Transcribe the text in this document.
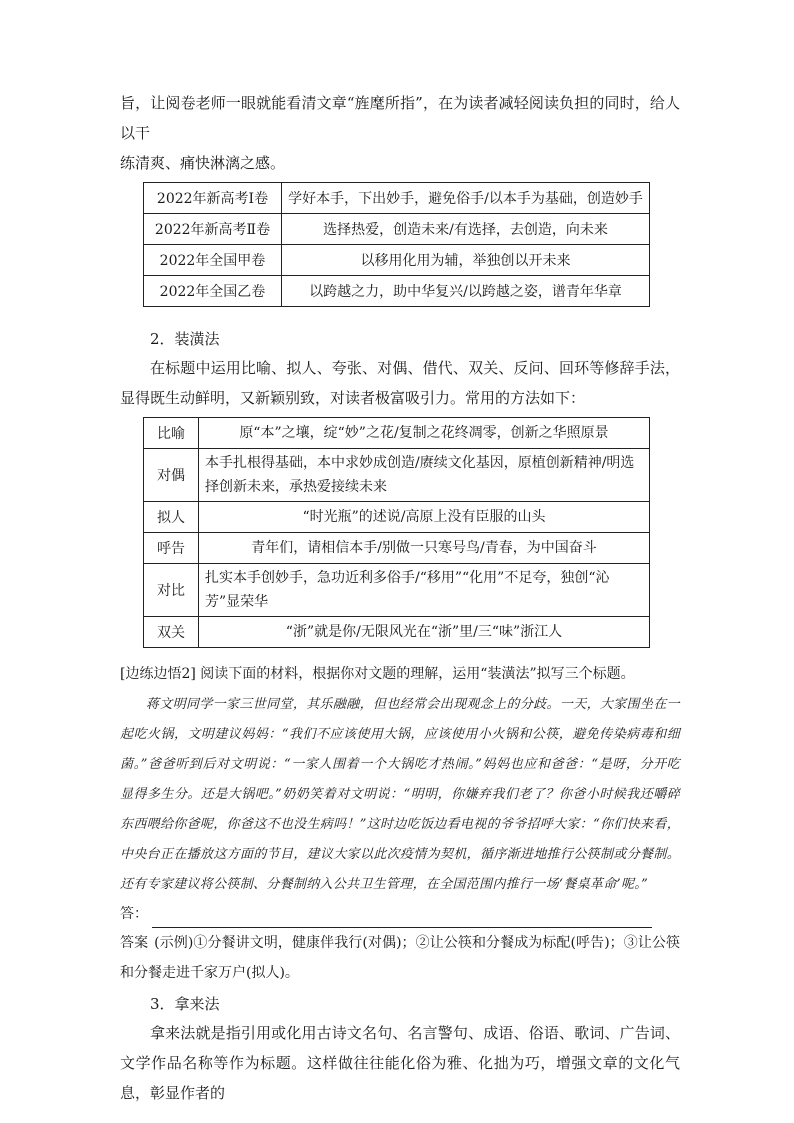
旨，让阅卷老师一眼就能看清文章“旌麾所指”，在为读者减轻阅读负担的同时，给人以干

练清爽、痛快淋漓之感。

2022年新高考Ⅰ卷	学好本手，下出妙手，避免俗手/以本手为基础，创造妙手
2022年新高考Ⅱ卷	选择热爱，创造未来/有选择，去创造，向未来
2022年全国甲卷	以移用化用为辅，举独创以开未来
2022年全国乙卷	以跨越之力，助中华复兴/以跨越之姿，谱青年华章

2．装潢法

在标题中运用比喻、拟人、夸张、对偶、借代、双关、反问、回环等修辞手法，显得既生动鲜明，又新颖别致，对读者极富吸引力。常用的方法如下：

比喻	原“本”之壤，绽“妙”之花/复制之花终凋零，创新之华照原景
对偶	本手扎根得基础，本中求妙成创造/赓续文化基因，原植创新精神/明选择创新未来，承热爱接续未来
拟人	“时光瓶”的述说/高原上没有臣服的山头
呼告	青年们，请相信本手/别做一只寒号鸟/青春，为中国奋斗
对比	扎实本手创妙手，急功近利多俗手/“移用”“化用”不足夸，独创“沁芳”显荣华
双关	“浙”就是你/无限风光在“浙”里/三“味”浙江人

[边练边悟2] 阅读下面的材料，根据你对文题的理解，运用“装潢法”拟写三个标题。

蒋文明同学一家三世同堂，其乐融融，但也经常会出现观念上的分歧。一天，大家围坐在一起吃火锅，文明建议妈妈：“我们不应该使用大锅，应该使用小火锅和公筷，避免传染病毒和细菌。”爸爸听到后对文明说：“一家人围着一个大锅吃才热闹。”妈妈也应和爸爸：“是呀，分开吃显得多生分。还是大锅吧。”奶奶笑着对文明说：“明明，你嫌弃我们老了？你爸小时候我还嚼碎东西喂给你爸呢，你爸这不也没生病吗！”这时边吃饭边看电视的爷爷招呼大家：“你们快来看，中央台正在播放这方面的节目，建议大家以此次疫情为契机，循序渐进地推行公筷制或分餐制。还有专家建议将公筷制、分餐制纳入公共卫生管理，在全国范围内推行一场‘餐桌革命’呢。”

答：

答案 (示例)①分餐讲文明，健康伴我行(对偶)；②让公筷和分餐成为标配(呼告)；③让公筷和分餐走进千家万户(拟人)。

3．拿来法

拿来法就是指引用或化用古诗文名句、名言警句、成语、俗语、歌词、广告词、文学作品名称等作为标题。这样做往往能化俗为雅、化拙为巧，增强文章的文化气息，彰显作者的
